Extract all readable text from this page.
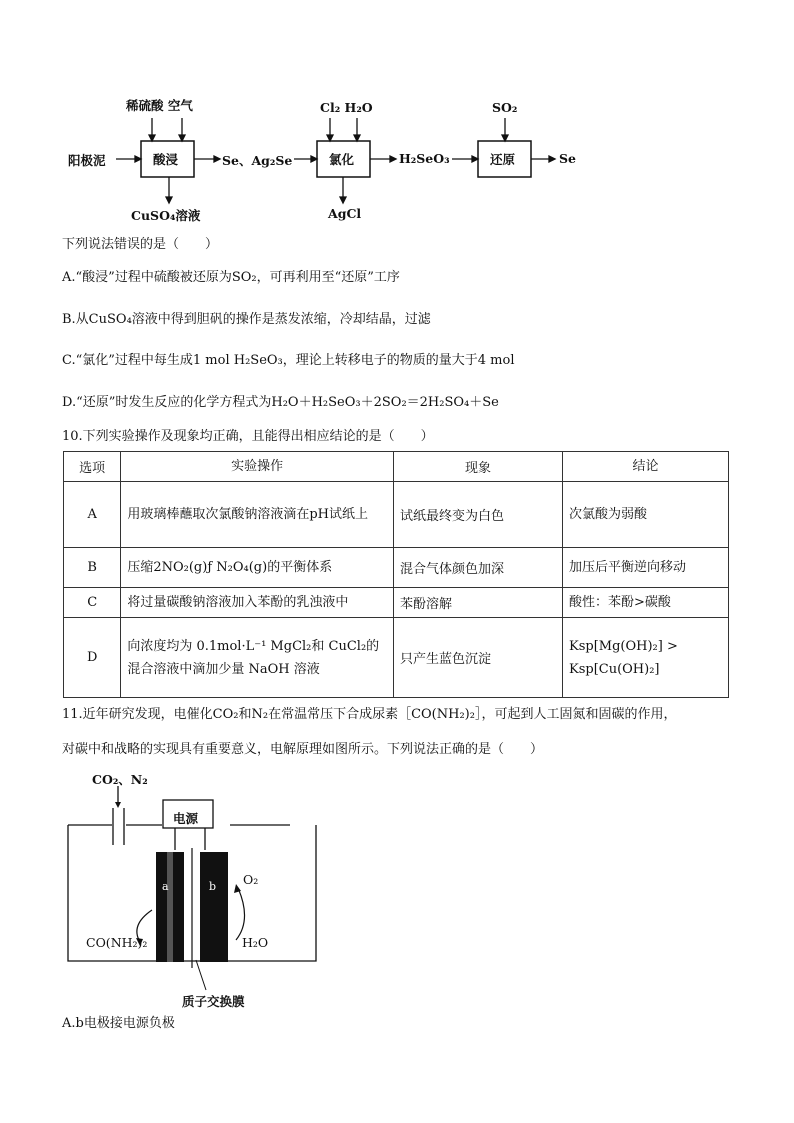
稀硫酸 空气
阳极泥	酸浸
CuSO₄溶液
Se、Ag₂Se
Cl₂ H₂O
氯化
AgCl
H₂SeO₃
SO₂
还原	Se
下列说法错误的是（　　）
A.“酸浸”过程中硫酸被还原为SO₂，可再利用至“还原”工序
B.从CuSO₄溶液中得到胆矾的操作是蒸发浓缩，冷却结晶，过滤
C.“氯化”过程中每生成1 mol H₂SeO₃，理论上转移电子的物质的量大于4 mol
D.“还原”时发生反应的化学方程式为H₂O＋H₂SeO₃＋2SO₂＝2H₂SO₄＋Se
10.下列实验操作及现象均正确，且能得出相应结论的是（　　）
选项	实验操作	现象	结论
A	用玻璃棒蘸取次氯酸钠溶液滴在pH试纸上	试纸最终变为白色	次氯酸为弱酸
B	压缩2NO₂(g)ƒ N₂O₄(g)的平衡体系	混合气体颜色加深	加压后平衡逆向移动
C	将过量碳酸钠溶液加入苯酚的乳浊液中	苯酚溶解	酸性：苯酚>碳酸
D	向浓度均为 0.1mol·L⁻¹ MgCl₂和 CuCl₂的混合溶液中滴加少量 NaOH 溶液	只产生蓝色沉淀	Ksp[Mg(OH)₂] > Ksp[Cu(OH)₂]
11.近年研究发现，电催化CO₂和N₂在常温常压下合成尿素［CO(NH₂)₂］，可起到人工固氮和固碳的作用，
对碳中和战略的实现具有重要意义，电解原理如图所示。下列说法正确的是（　　）
CO₂、N₂
电源
a	b
CO(NH₂)₂
O₂
H₂O
质子交换膜
A.b电极接电源负极
